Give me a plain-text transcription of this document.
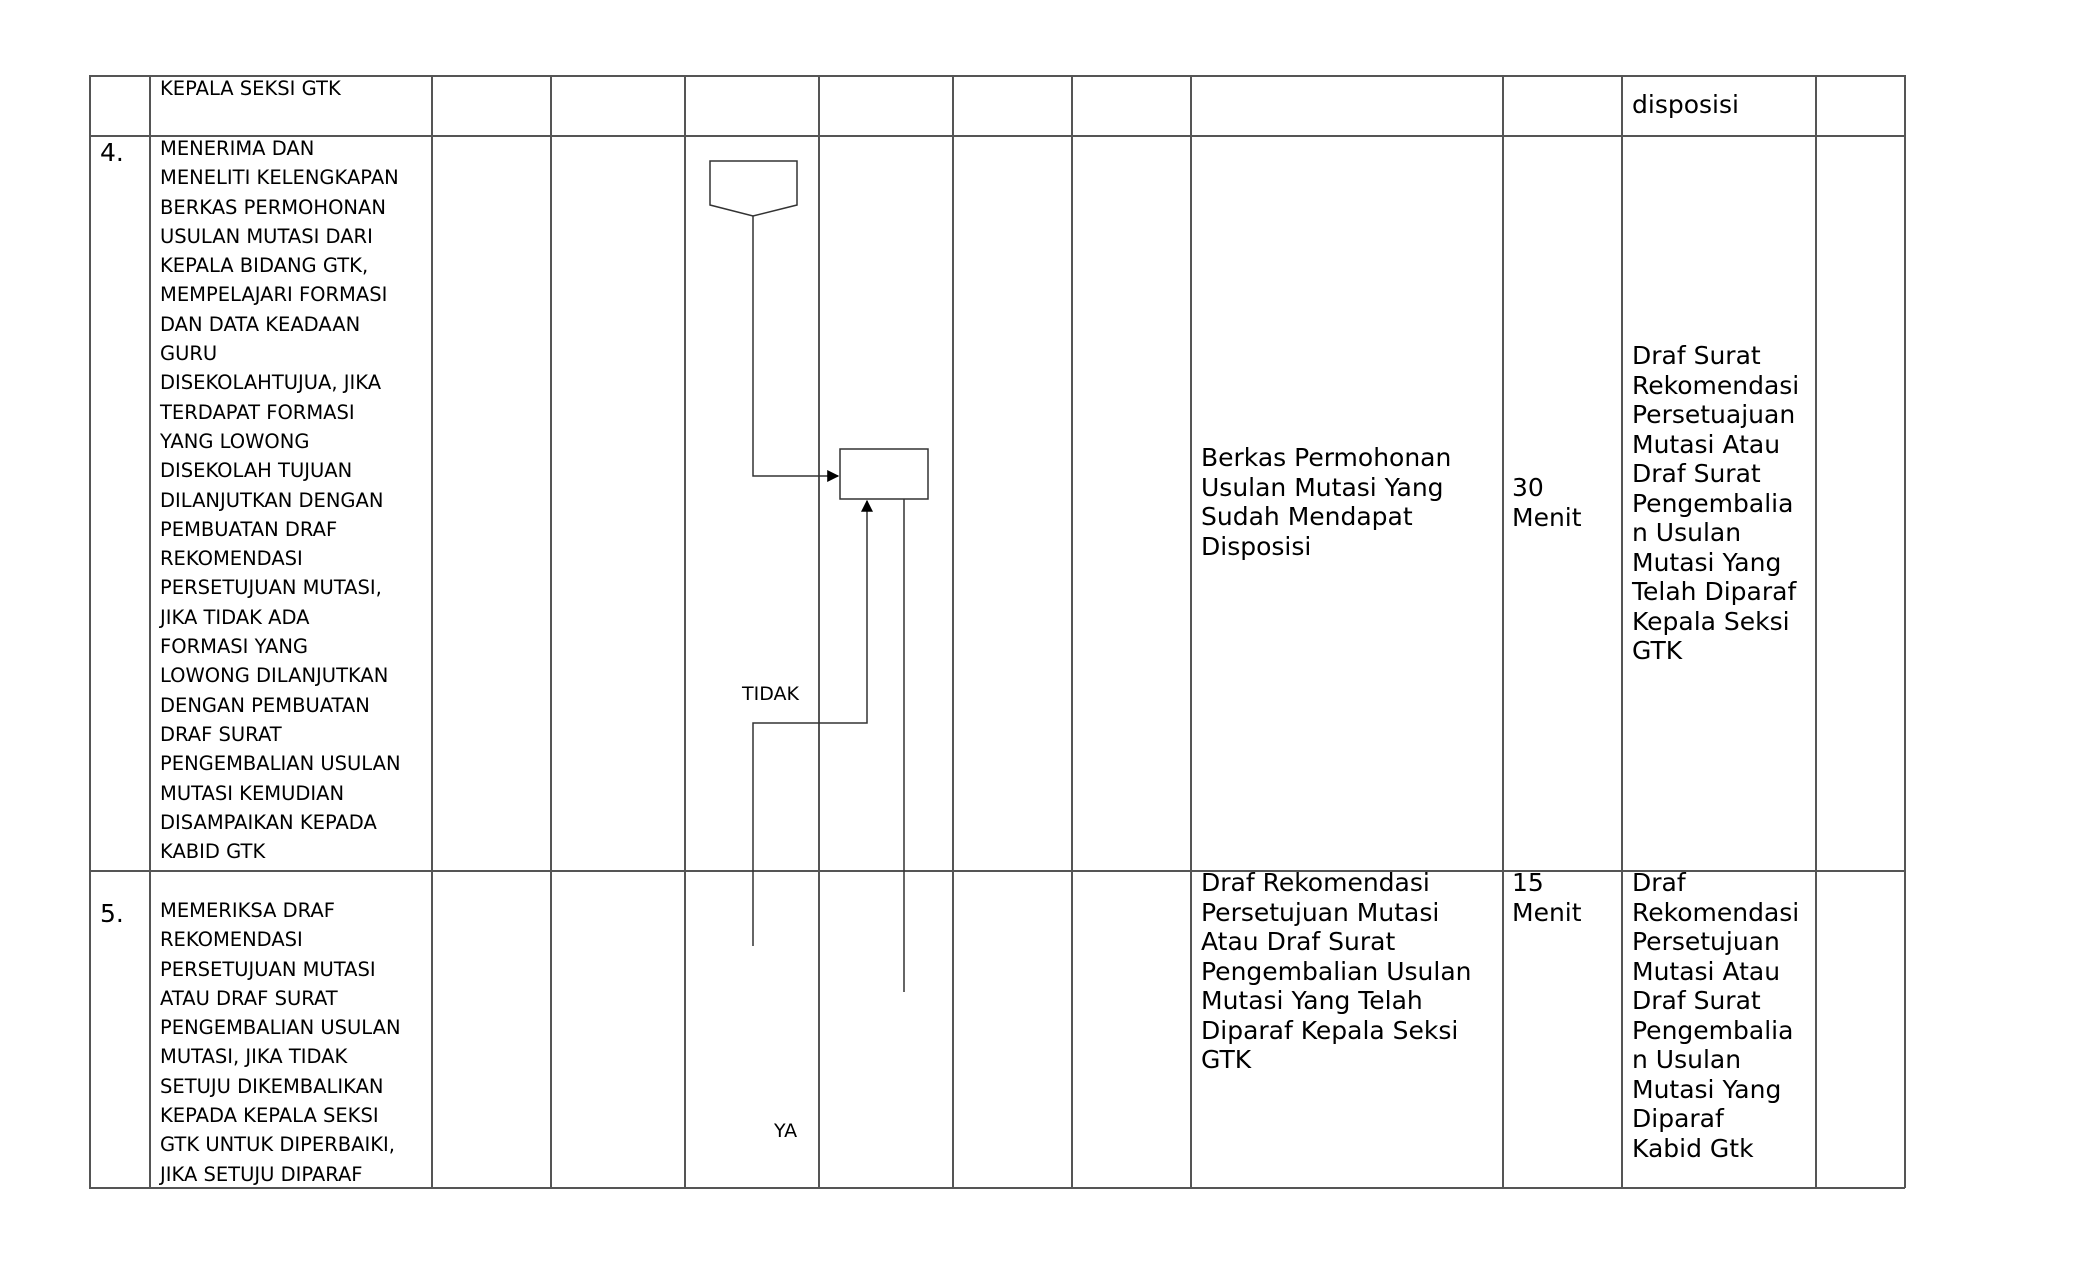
KEPALA SEKSI GTK
disposisi
4. MENERIMA DAN
MENELITI KELENGKAPAN
BERKAS PERMOHONAN
USULAN MUTASI DARI
KEPALA BIDANG GTK,
MEMPELAJARI FORMASI
DAN DATA KEADAAN
GURU
DISEKOLAHTUJUA, JIKA
TERDAPAT FORMASI
YANG LOWONG
DISEKOLAH TUJUAN
DILANJUTKAN DENGAN
PEMBUATAN DRAF
REKOMENDASI
PERSETUJUAN MUTASI,
JIKA TIDAK ADA
FORMASI YANG
LOWONG DILANJUTKAN
DENGAN PEMBUATAN
DRAF SURAT
PENGEMBALIAN USULAN
MUTASI KEMUDIAN
DISAMPAIKAN KEPADA
KABID GTK
Berkas Permohonan
Usulan Mutasi Yang
Sudah Mendapat
Disposisi
30
Menit
Draf Surat
Rekomendasi
Persetuajuan
Mutasi Atau
Draf Surat
Pengembalia
n Usulan
Mutasi Yang
Telah Diparaf
Kepala Seksi
GTK
5. MEMERIKSA DRAF
REKOMENDASI
PERSETUJUAN MUTASI
ATAU DRAF SURAT
PENGEMBALIAN USULAN
MUTASI, JIKA TIDAK
SETUJU DIKEMBALIKAN
KEPADA KEPALA SEKSI
GTK UNTUK DIPERBAIKI,
JIKA SETUJU DIPARAF
Draf Rekomendasi
Persetujuan Mutasi
Atau Draf Surat
Pengembalian Usulan
Mutasi Yang Telah
Diparaf Kepala Seksi
GTK
15
Menit
Draf
Rekomendasi
Persetujuan
Mutasi Atau
Draf Surat
Pengembalia
n Usulan
Mutasi Yang
Diparaf
Kabid Gtk
TIDAK
YA
